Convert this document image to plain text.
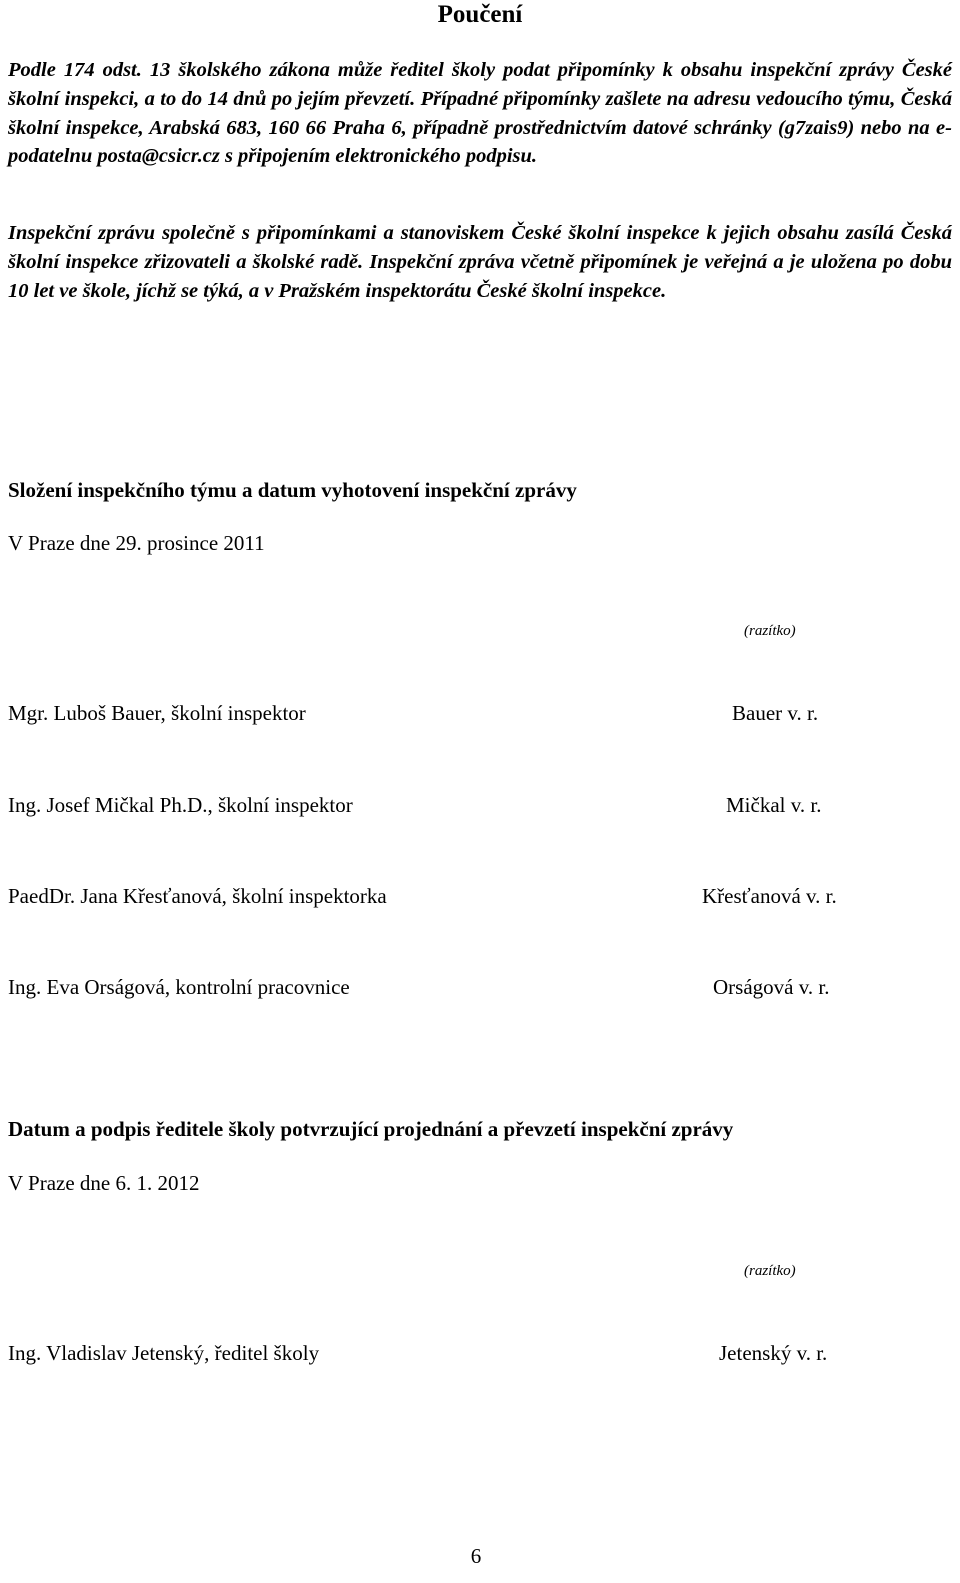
Poučení

Podle 174 odst. 13 školského zákona může ředitel školy podat připomínky k obsahu inspekční zprávy České školní inspekci, a to do 14 dnů po jejím převzetí. Případné připomínky zašlete na adresu vedoucího týmu, Česká školní inspekce, Arabská 683, 160 66 Praha 6, případně prostřednictvím datové schránky (g7zais9) nebo na e-podatelnu posta@csicr.cz s připojením elektronického podpisu.

Inspekční zprávu společně s připomínkami a stanoviskem České školní inspekce k jejich obsahu zasílá Česká školní inspekce zřizovateli a školské radě. Inspekční zpráva včetně připomínek je veřejná a je uložena po dobu 10 let ve škole, jíchž se týká, a v Pražském inspektorátu České školní inspekce.

Složení inspekčního týmu a datum vyhotovení inspekční zprávy
V Praze dne 29. prosince 2011
(razítko)
Mgr. Luboš Bauer, školní inspektor	Bauer v. r.
Ing. Josef Mičkal Ph.D., školní inspektor	Mičkal v. r.
PaedDr. Jana Křesťanová, školní inspektorka	Křesťanová v. r.
Ing. Eva Orságová, kontrolní pracovnice	Orságová v. r.
Datum a podpis ředitele školy potvrzující projednání a převzetí inspekční zprávy
V Praze dne 6. 1. 2012
(razítko)
Ing. Vladislav Jetenský, ředitel školy	Jetenský v. r.
6
